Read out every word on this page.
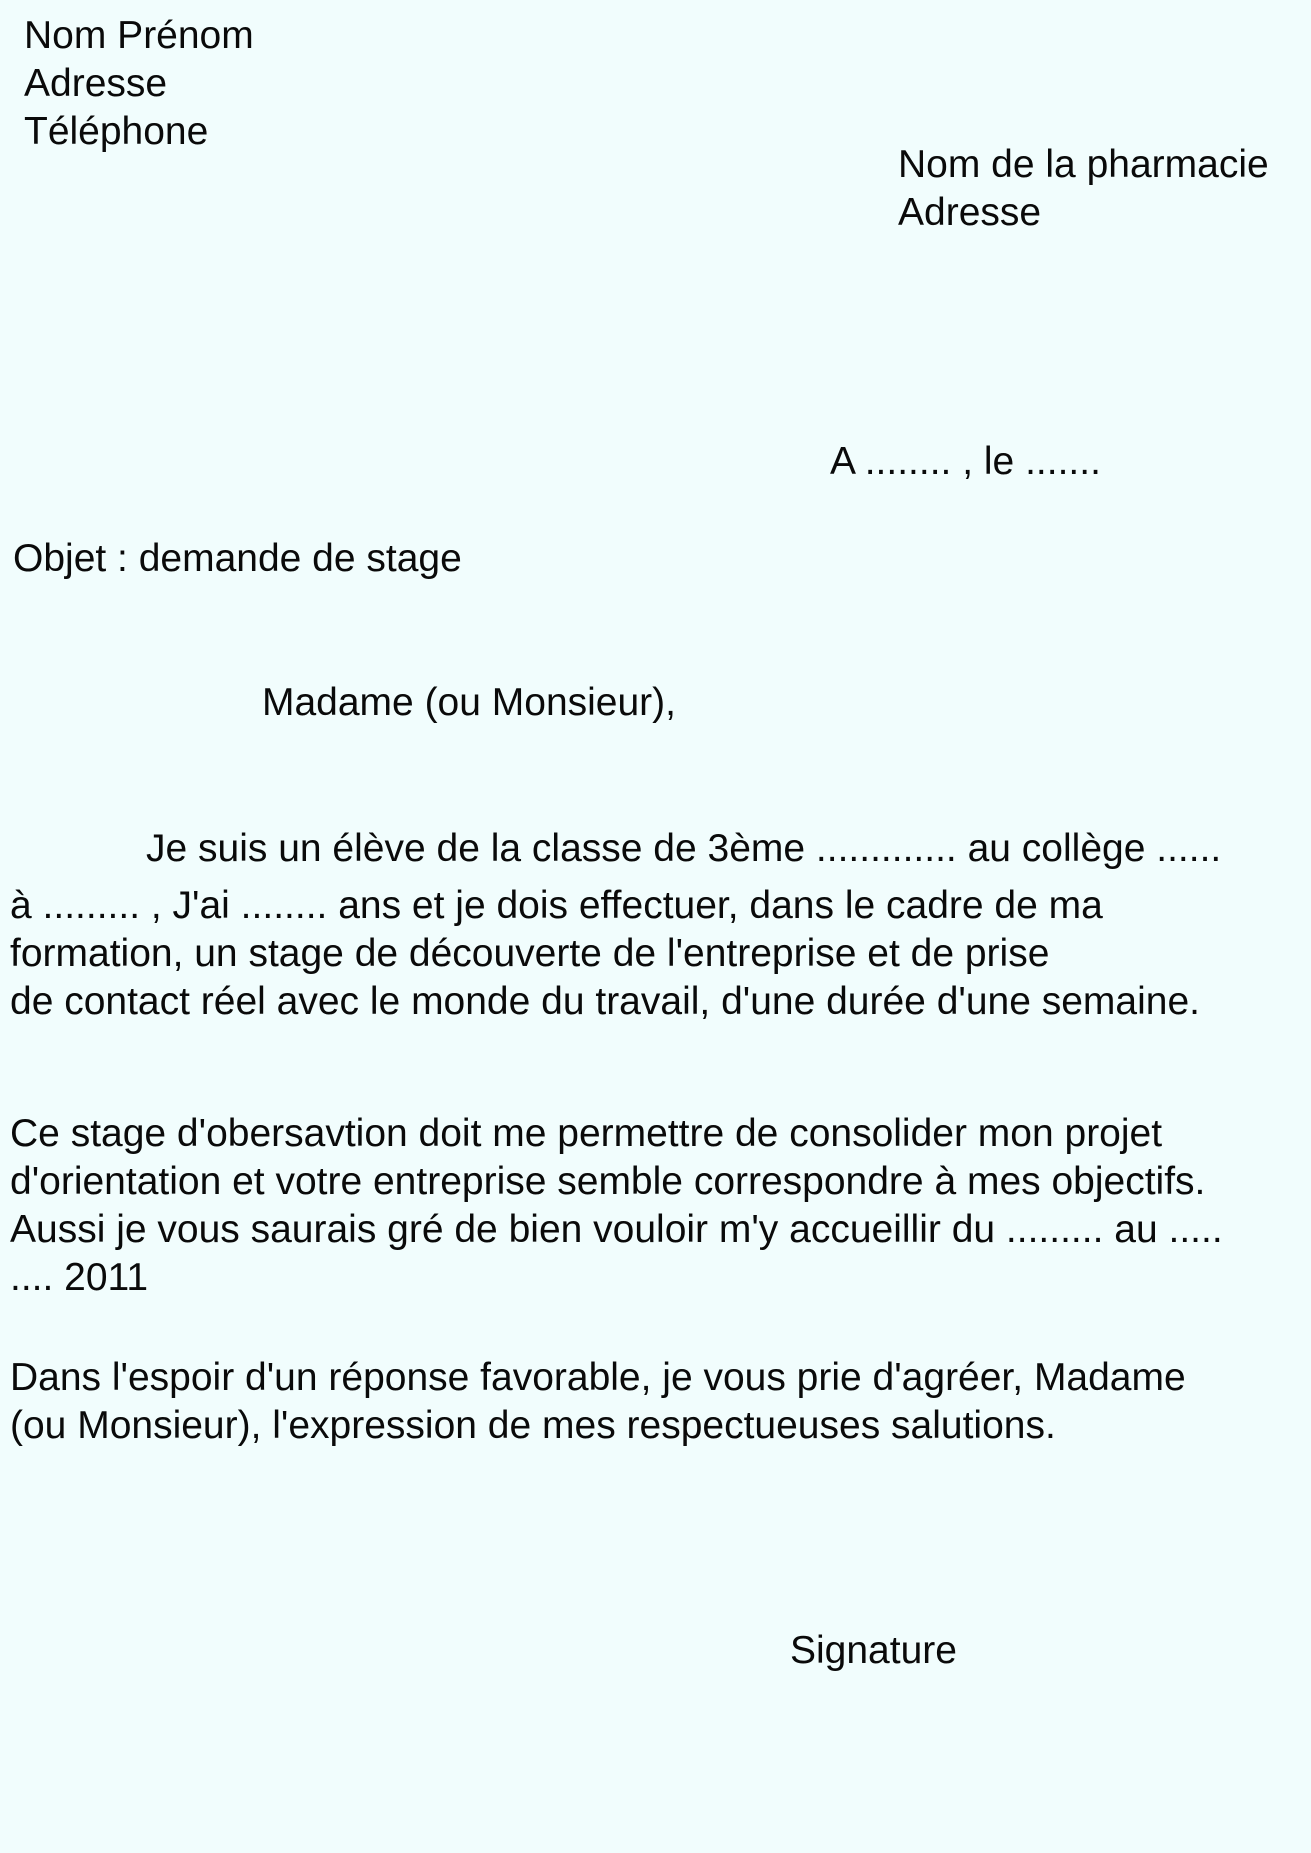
Nom Prénom
Adresse
Téléphone
Nom de la pharmacie
Adresse
A ........ , le .......
Objet : demande de stage
Madame (ou Monsieur),
Je suis un élève de la classe de 3ème ............. au collège ......
à ......... , J'ai ........ ans et je dois effectuer, dans le cadre de ma
formation, un stage de découverte de l'entreprise et de prise
de contact réel avec le monde du travail, d'une durée d'une semaine.
Ce stage d'obersavtion doit me permettre de consolider mon projet
d'orientation et votre entreprise semble correspondre à mes objectifs.
Aussi je vous saurais gré de bien vouloir m'y accueillir du ......... au .....
.... 2011
Dans l'espoir d'un réponse favorable, je vous prie d'agréer, Madame
(ou Monsieur), l'expression de mes respectueuses salutions.
Signature
